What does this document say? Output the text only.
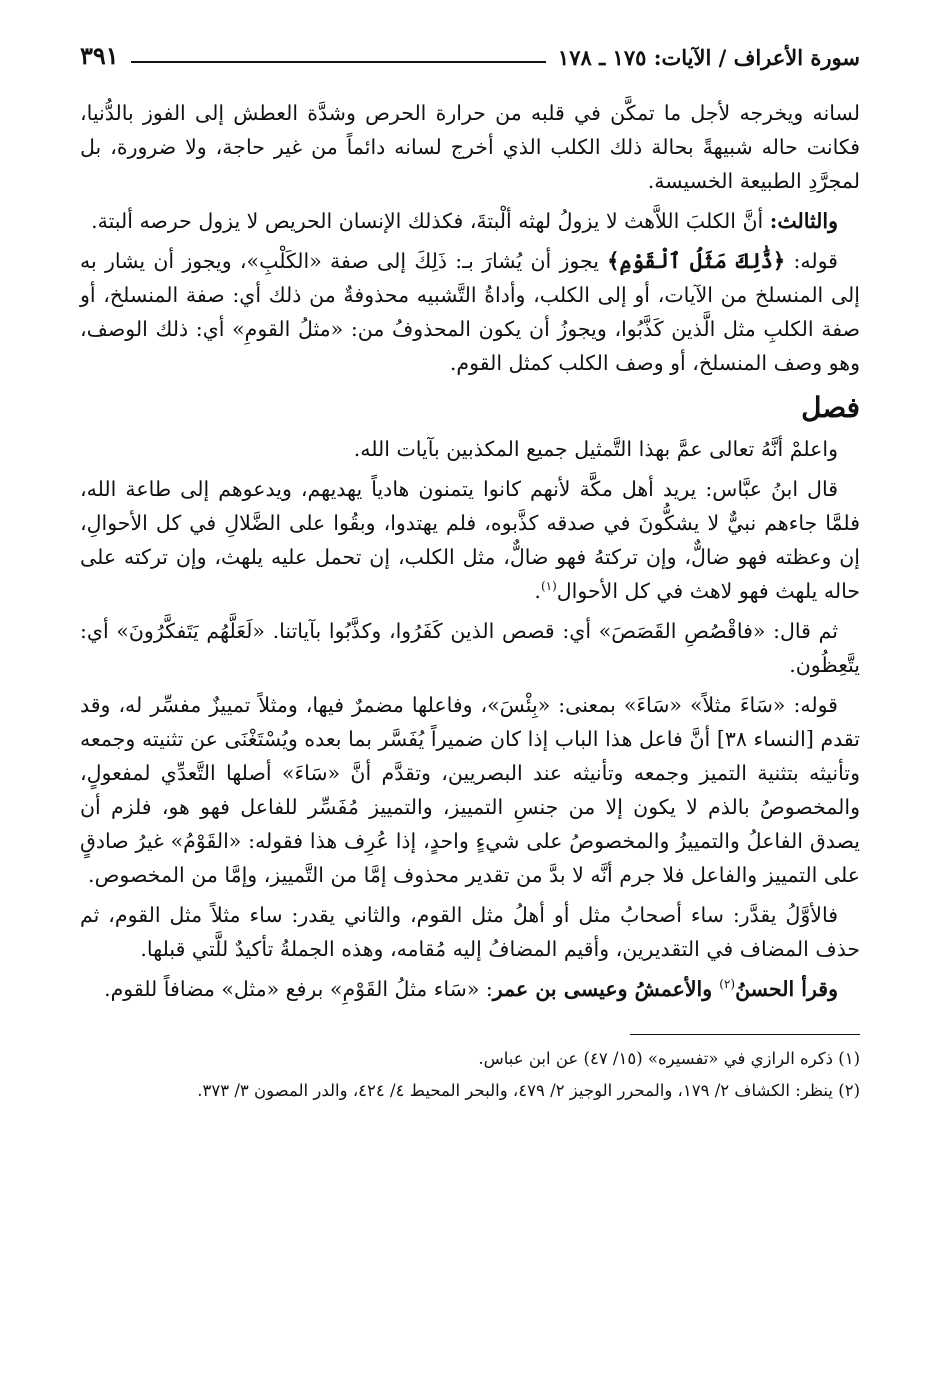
سورة الأعراف / الآيات: ١٧٥ ـ ١٧٨
٣٩١

لسانه ويخرجه لأجل ما تمكَّن في قلبه من حرارة الحرص وشدَّة العطش إلى الفوز بالدُّنيا، فكانت حاله شبيهةً بحالة ذلك الكلب الذي أخرج لسانه دائماً من غير حاجة، ولا ضرورة، بل لمجرَّدِ الطبيعة الخسيسة.

والثالث: أنَّ الكلبَ اللاَّهث لا يزولُ لهثه ألْبتةَ، فكذلك الإنسان الحريص لا يزول حرصه ألبتة.

قوله: ﴿ذَّٰلِكَ مَثَلُ ٱلْقَوْمِ﴾ يجوز أن يُشارَ بـ: ذَلِكَ إلى صفة «الكَلْبِ»، ويجوز أن يشار به إلى المنسلخ من الآيات، أو إلى الكلب، وأداةُ التَّشبيه محذوفةٌ من ذلك أي: صفة المنسلخ، أو صفة الكلبِ مثل الَّذين كَذَّبُوا، ويجوزُ أن يكون المحذوفُ من: «مثلُ القومِ» أي: ذلك الوصف، وهو وصف المنسلخ، أو وصف الكلب كمثل القوم.

فصل

واعلمْ أنَّهُ تعالى عمَّ بهذا التَّمثيل جميع المكذبين بآيات الله.

قال ابنُ عبَّاس: يريد أهل مكَّة لأنهم كانوا يتمنون هادياً يهديهم، ويدعوهم إلى طاعة الله، فلمَّا جاءهم نبيٌّ لا يشكُّونَ في صدقه كذَّبوه، فلم يهتدوا، وبقُوا على الضَّلالِ في كل الأحوالِ، إن وعظته فهو ضالٌّ، وإن تركتهُ فهو ضالٌّ، مثل الكلب، إن تحمل عليه يلهث، وإن تركته على حاله يلهث فهو لاهث في كل الأحوال$^{(١)}$.

ثم قال: «فاقْصُصِ القَصَصَ» أي: قصص الذين كَفَرُوا، وكذَّبُوا بآياتنا. «لَعَلَّهُم يَتَفكَّرُونَ» أي: يتَّعِظُون.

قوله: «سَاءَ مثلاً» «سَاءَ» بمعنى: «بِئْسَ»، وفاعلها مضمرٌ فيها، ومثلاً تمييزٌ مفسِّر له، وقد تقدم [النساء ٣٨] أنَّ فاعل هذا الباب إذا كان ضميراً يُفَسَّر بما بعده ويُسْتَغْنَى عن تثنيته وجمعه وتأنيثه بتثنية التميز وجمعه وتأنيثه عند البصريين، وتقدَّم أنَّ «سَاءَ» أصلها التَّعدِّي لمفعولٍ، والمخصوصُ بالذم لا يكون إلا من جنسِ التمييز، والتمييز مُفَسِّر للفاعل فهو هو، فلزم أن يصدق الفاعلُ والتمييزُ والمخصوصُ على شيءٍ واحدٍ، إذا عُرِف هذا فقوله: «القَوْمُ» غيرُ صادقٍ على التمييز والفاعل فلا جرم أنَّه لا بدَّ من تقدير محذوف إمَّا من التَّمييز، وإمَّا من المخصوص.

فالأوَّلُ يقدَّر: ساء أصحابُ مثل أو أهلُ مثل القوم، والثاني يقدر: ساء مثلاً مثل القوم، ثم حذف المضاف في التقديرين، وأقيم المضافُ إليه مُقامه، وهذه الجملةُ تأكيدٌ للَّتي قبلها.

وقرأ الحسنُ$^{(٢)}$ والأعمشُ وعيسى بن عمر: «سَاء مثلُ القَوْمِ» برفع «مثل» مضافاً للقوم.

(١) ذكره الرازي في «تفسيره» (١٥/ ٤٧) عن ابن عباس.

(٢) ينظر: الكشاف ٢/ ١٧٩، والمحرر الوجيز ٢/ ٤٧٩، والبحر المحيط ٤/ ٤٢٤، والدر المصون ٣/ ٣٧٣.
